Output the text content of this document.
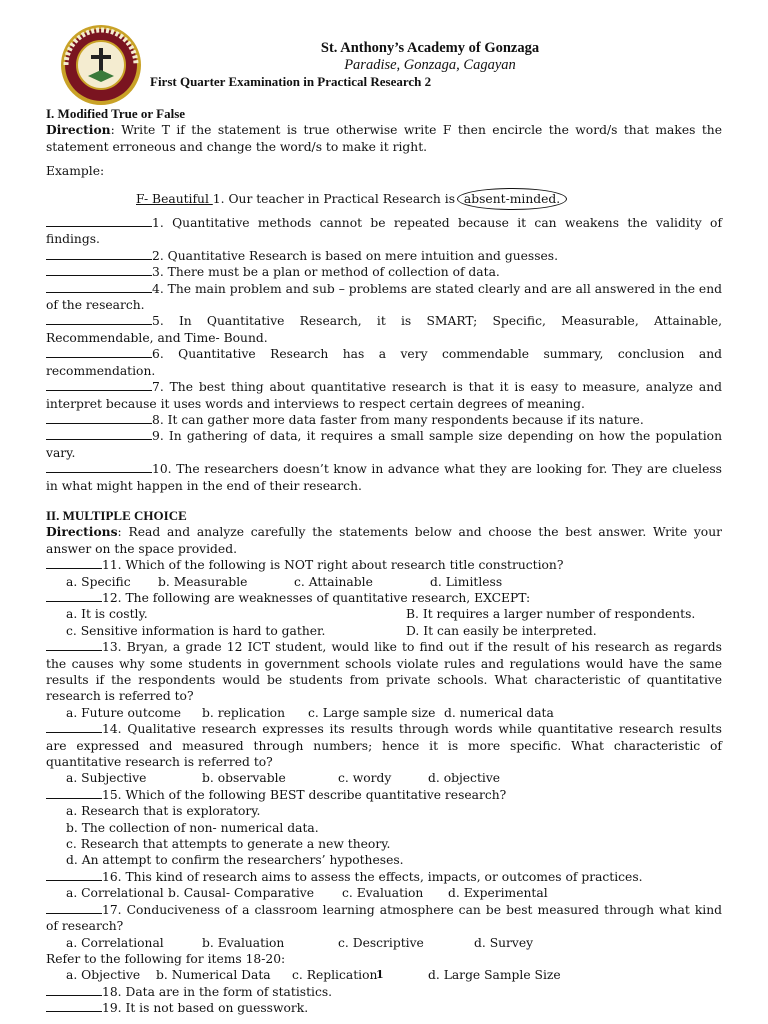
St. Anthony’s Academy of Gonzaga
Paradise, Gonzaga, Cagayan
First Quarter Examination in Practical Research 2

I. Modified True or False

Direction: Write T if the statement is true otherwise write F then encircle the word/s that makes the statement erroneous and change the word/s to make it right.

Example:

F- Beautiful 1. Our teacher in Practical Research is absent-minded.

1. Quantitative methods cannot be repeated because it can weakens the validity of findings.

2. Quantitative Research is based on mere intuition and guesses.

3. There must be a plan or method of collection of data.

4. The main problem and sub – problems are stated clearly and are all answered in the end of the research.

5. In Quantitative Research, it is SMART; Specific, Measurable, Attainable, Recommendable, and Time- Bound.

6. Quantitative Research has a very commendable summary, conclusion and recommendation.

7. The best thing about quantitative research is that it is easy to measure, analyze and interpret because it uses words and interviews to respect certain degrees of meaning.

8. It can gather more data faster from many respondents because if its nature.

9. In gathering of data, it requires a small sample size depending on how the population vary.

10. The researchers doesn’t know in advance what they are looking for. They are clueless in what might happen in the end of their research.

II. MULTIPLE CHOICE

Directions: Read and analyze carefully the statements below and choose the best answer. Write your answer on the space provided.

11. Which of the following is NOT right about research title construction?

a. Specific	b. Measurable	c. Attainable	d. Limitless

12. The following are weaknesses of quantitative research, EXCEPT:

a. It is costly.	B. It requires a larger number of respondents.

c. Sensitive information is hard to gather.	D. It can easily be interpreted.

13. Bryan, a grade 12 ICT student, would like to find out if the result of his research as regards the causes why some students in government schools violate rules and regulations would have the same results if the respondents would be students from private schools. What characteristic of quantitative research is referred to?

a. Future outcome	b. replication	c. Large sample size d. numerical data

14. Qualitative research expresses its results through words while quantitative research results are expressed and measured through numbers; hence it is more specific. What characteristic of quantitative research is referred to?

a. Subjective	b. observable	c. wordy	d. objective

15. Which of the following BEST describe quantitative research?

a. Research that is exploratory.

b. The collection of non- numerical data.

c. Research that attempts to generate a new theory.

d. An attempt to confirm the researchers’ hypotheses.

16. This kind of research aims to assess the effects, impacts, or outcomes of practices.

a. Correlational b. Causal- Comparative	c. Evaluation	d. Experimental

17. Conduciveness of a classroom learning atmosphere can be best measured through what kind of research?

a. Correlational	b. Evaluation	c. Descriptive	d. Survey

Refer to the following for items 18-20:

a. Objective	b. Numerical Data	c. Replication	d. Large Sample Size

18. Data are in the form of statistics.

19. It is not based on guesswork.

1
